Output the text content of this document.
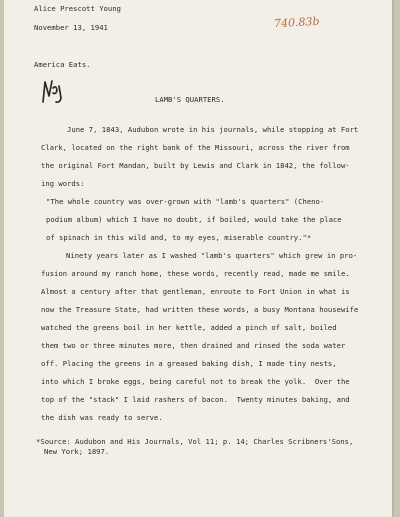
Alice Prescott Young
November 13, 1941	740.83b
America Eats.
LAMB'S QUARTERS.
June 7, 1843, Audubon wrote in his journals, while stopping at Fort
Clark, located on the right bank of the Missouri, across the river from
the original Fort Mandan, built by Lewis and Clark in 1842, the follow-
ing words:
"The whole country was over-grown with "lamb's quarters" (Cheno-
podium album) which I have no doubt, if boiled, would take the place
of spinach in this wild and, to my eyes, miserable country."*
Ninety years later as I washed "lamb's quarters" which grew in pro-
fusion around my ranch home, these words, recently read, made me smile.
Almost a century after that gentleman, enroute to Fort Union in what is
now the Treasure State, had written these words, a busy Montana housewife
watched the greens boil in her kettle, added a pinch of salt, boiled
them two or three minutes more, then drained and rinsed the soda water
off. Placing the greens in a greased baking dish, I made tiny nests,
into which I broke eggs, being careful not to break the yolk.  Over the
top of the "stack" I laid rashers of bacon.  Twenty minutes baking, and
the dish was ready to serve.
*Source: Audubon and His Journals, Vol 11; p. 14; Charles Scribners'Sons,
New York; 1897.
